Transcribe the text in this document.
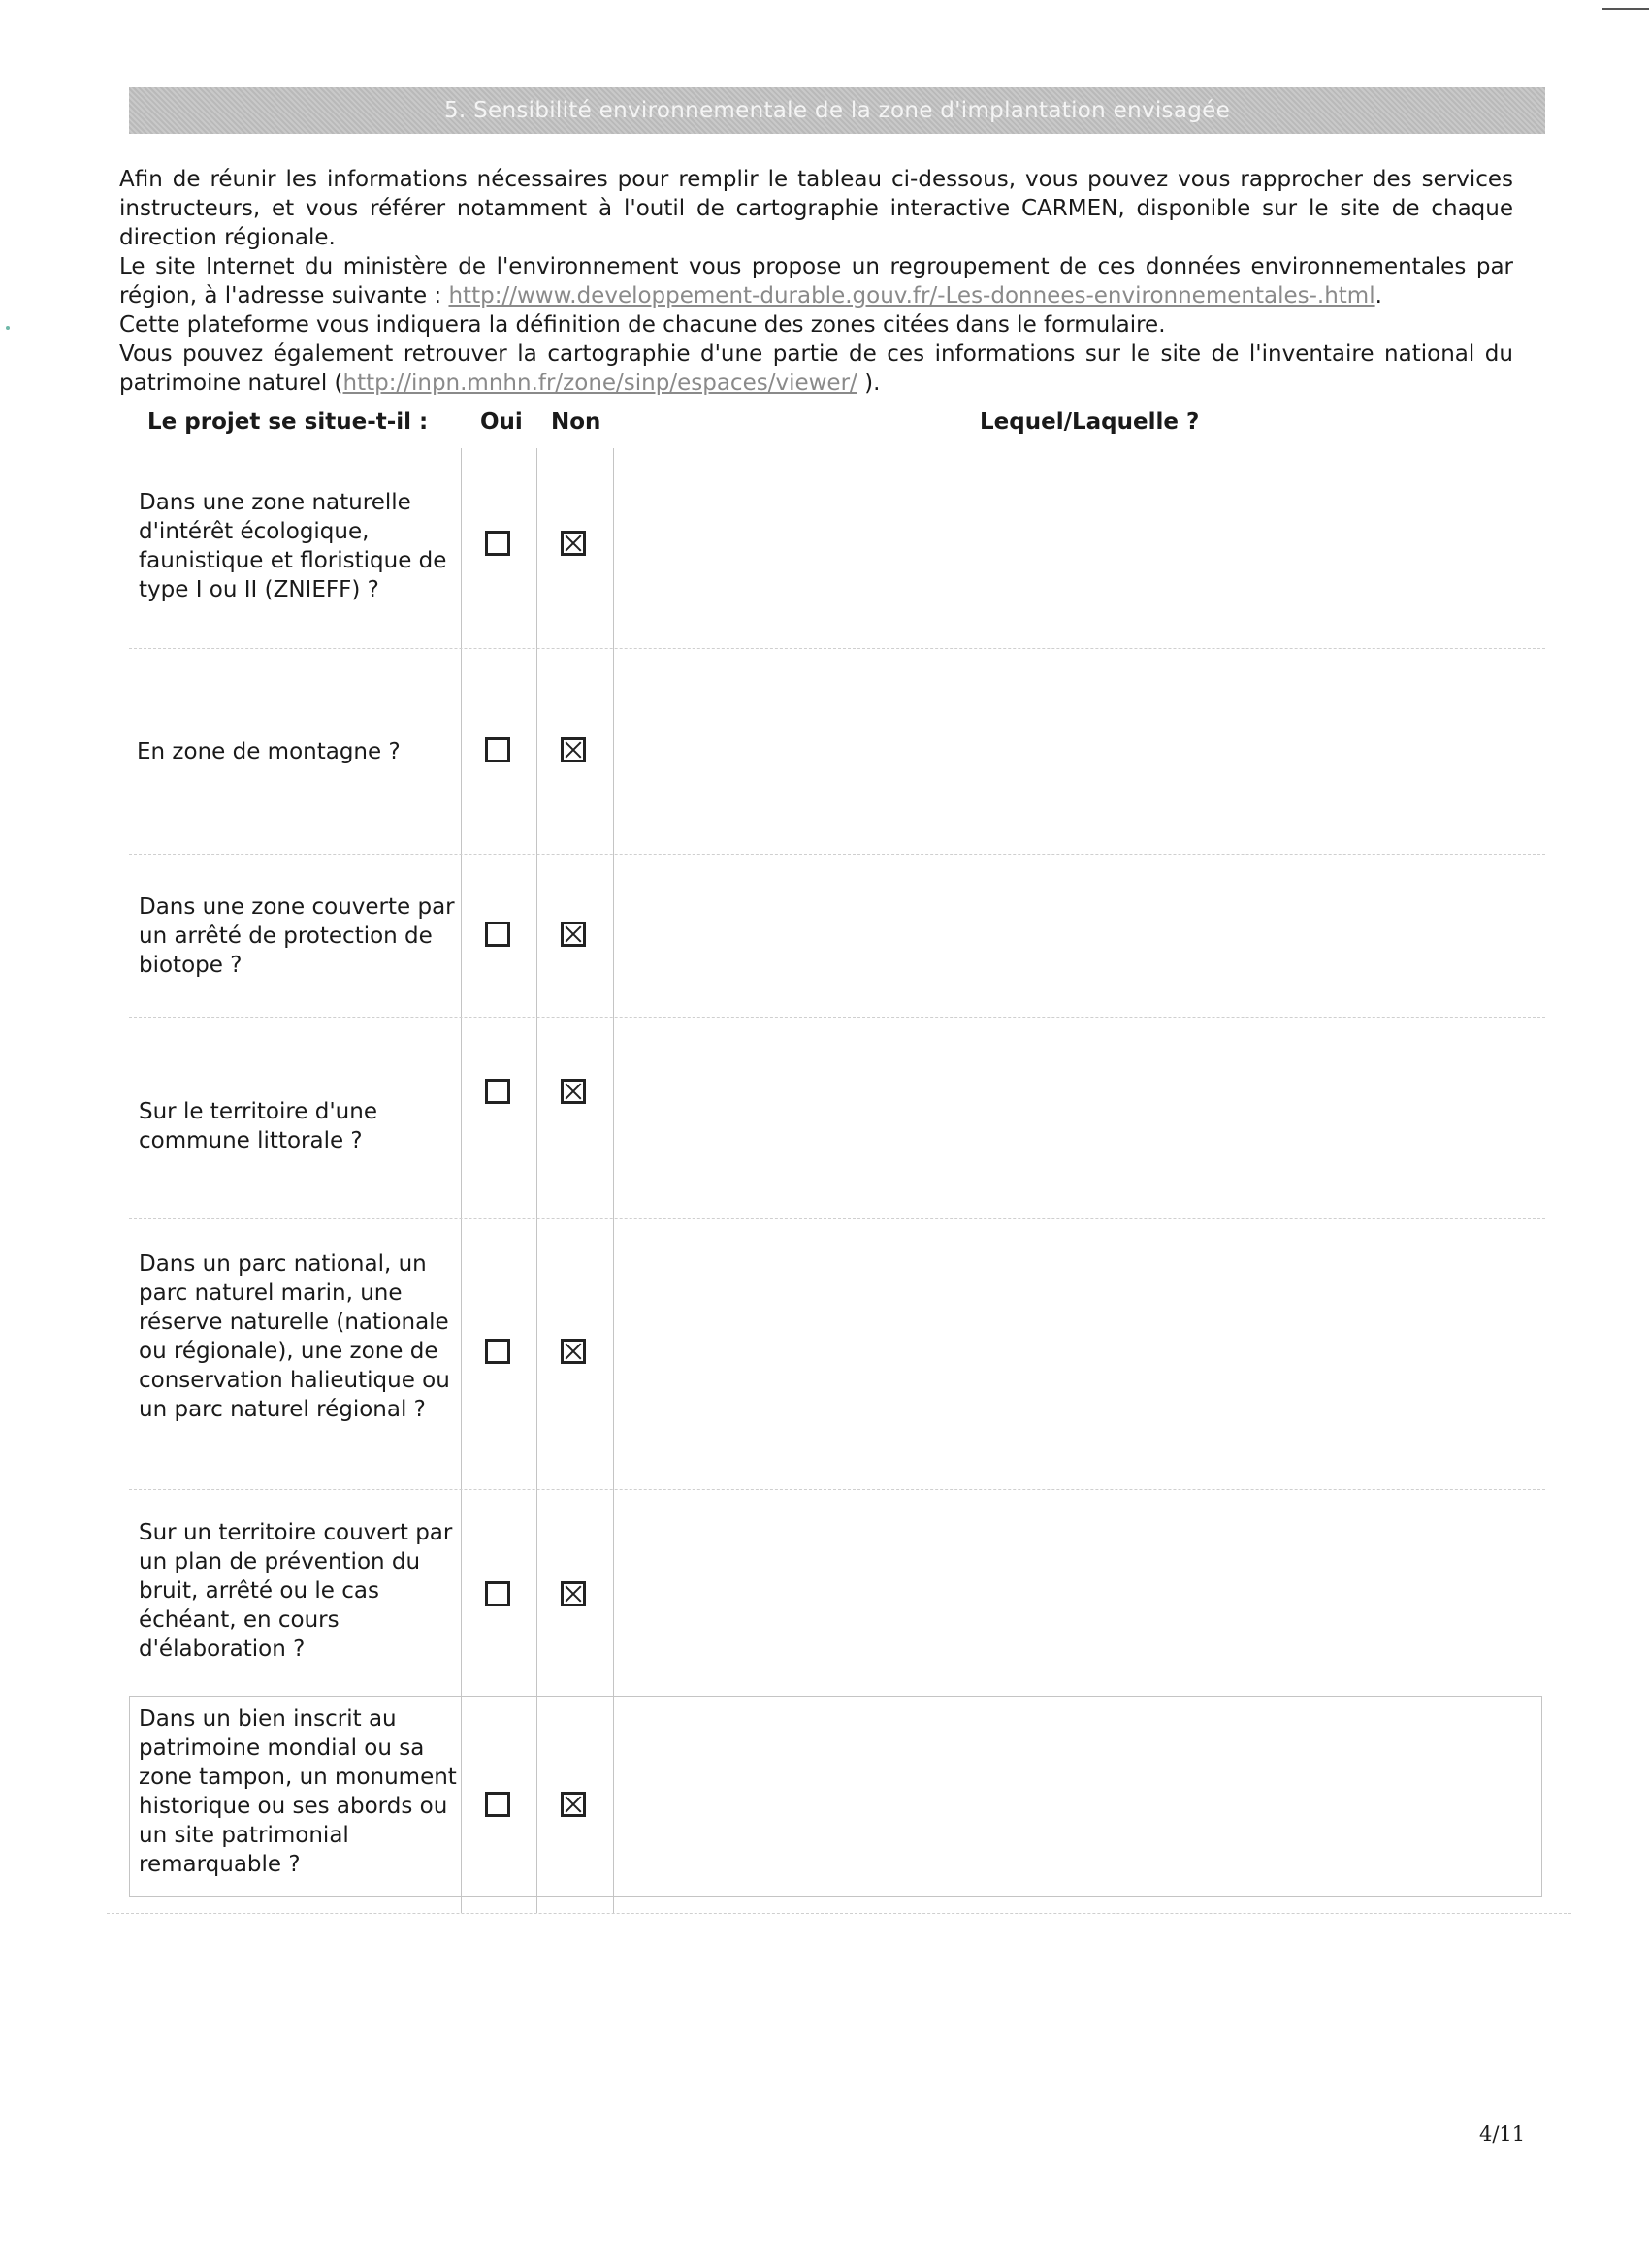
5. Sensibilité environnementale de la zone d'implantation envisagée

Afin de réunir les informations nécessaires pour remplir le tableau ci-dessous, vous pouvez vous rapprocher des services instructeurs, et vous référer notamment à l'outil de cartographie interactive CARMEN, disponible sur le site de chaque direction régionale.

Le site Internet du ministère de l'environnement vous propose un regroupement de ces données environnementales par région, à l'adresse suivante : http://www.developpement-durable.gouv.fr/-Les-donnees-environnementales-.html.

Cette plateforme vous indiquera la définition de chacune des zones citées dans le formulaire.

Vous pouvez également retrouver la cartographie d'une partie de ces informations sur le site de l'inventaire national du patrimoine naturel (http://inpn.mnhn.fr/zone/sinp/espaces/viewer/ ).

Le projet se situe-t-il : Oui Non	Lequel/Laquelle ?
Dans une zone naturelle d'intérêt écologique, faunistique et floristique de type I ou II (ZNIEFF) ?
En zone de montagne ?
Dans une zone couverte par un arrêté de protection de biotope ?
Sur le territoire d'une commune littorale ?
Dans un parc national, un parc naturel marin, une réserve naturelle (nationale ou régionale), une zone de conservation halieutique ou un parc naturel régional ?
Sur un territoire couvert par un plan de prévention du bruit, arrêté ou le cas échéant, en cours d'élaboration ?
Dans un bien inscrit au patrimoine mondial ou sa zone tampon, un monument historique ou ses abords ou un site patrimonial remarquable ?
4/11
